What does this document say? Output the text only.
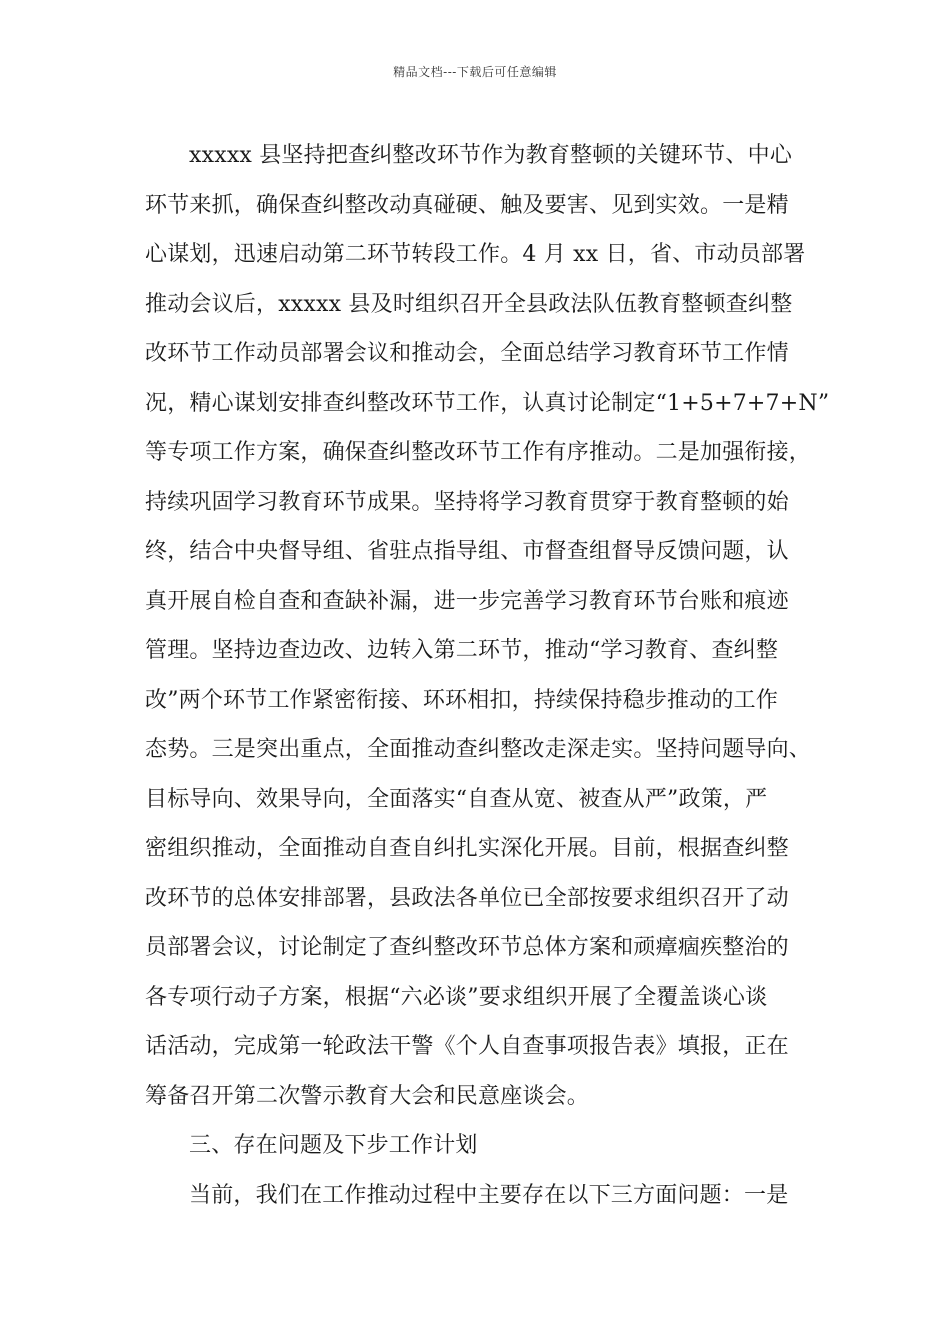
精品文档---下载后可任意编辑
xxxxx 县坚持把查纠整改环节作为教育整顿的关键环节、中心
环节来抓，确保查纠整改动真碰硬、触及要害、见到实效。一是精
心谋划，迅速启动第二环节转段工作。4 月 xx 日，省、市动员部署
推动会议后，xxxxx 县及时组织召开全县政法队伍教育整顿查纠整
改环节工作动员部署会议和推动会，全面总结学习教育环节工作情
况，精心谋划安排查纠整改环节工作，认真讨论制定“1+5+7+7+N”
等专项工作方案，确保查纠整改环节工作有序推动。二是加强衔接，
持续巩固学习教育环节成果。坚持将学习教育贯穿于教育整顿的始
终，结合中央督导组、省驻点指导组、市督查组督导反馈问题，认
真开展自检自查和查缺补漏，进一步完善学习教育环节台账和痕迹
管理。坚持边查边改、边转入第二环节，推动“学习教育、查纠整
改”两个环节工作紧密衔接、环环相扣，持续保持稳步推动的工作
态势。三是突出重点，全面推动查纠整改走深走实。坚持问题导向、
目标导向、效果导向，全面落实“自查从宽、被查从严”政策，严
密组织推动，全面推动自查自纠扎实深化开展。目前，根据查纠整
改环节的总体安排部署，县政法各单位已全部按要求组织召开了动
员部署会议，讨论制定了查纠整改环节总体方案和顽瘴痼疾整治的
各专项行动子方案，根据“六必谈”要求组织开展了全覆盖谈心谈
话活动，完成第一轮政法干警《个人自查事项报告表》填报，正在
筹备召开第二次警示教育大会和民意座谈会。
三、存在问题及下步工作计划
当前，我们在工作推动过程中主要存在以下三方面问题：一是
